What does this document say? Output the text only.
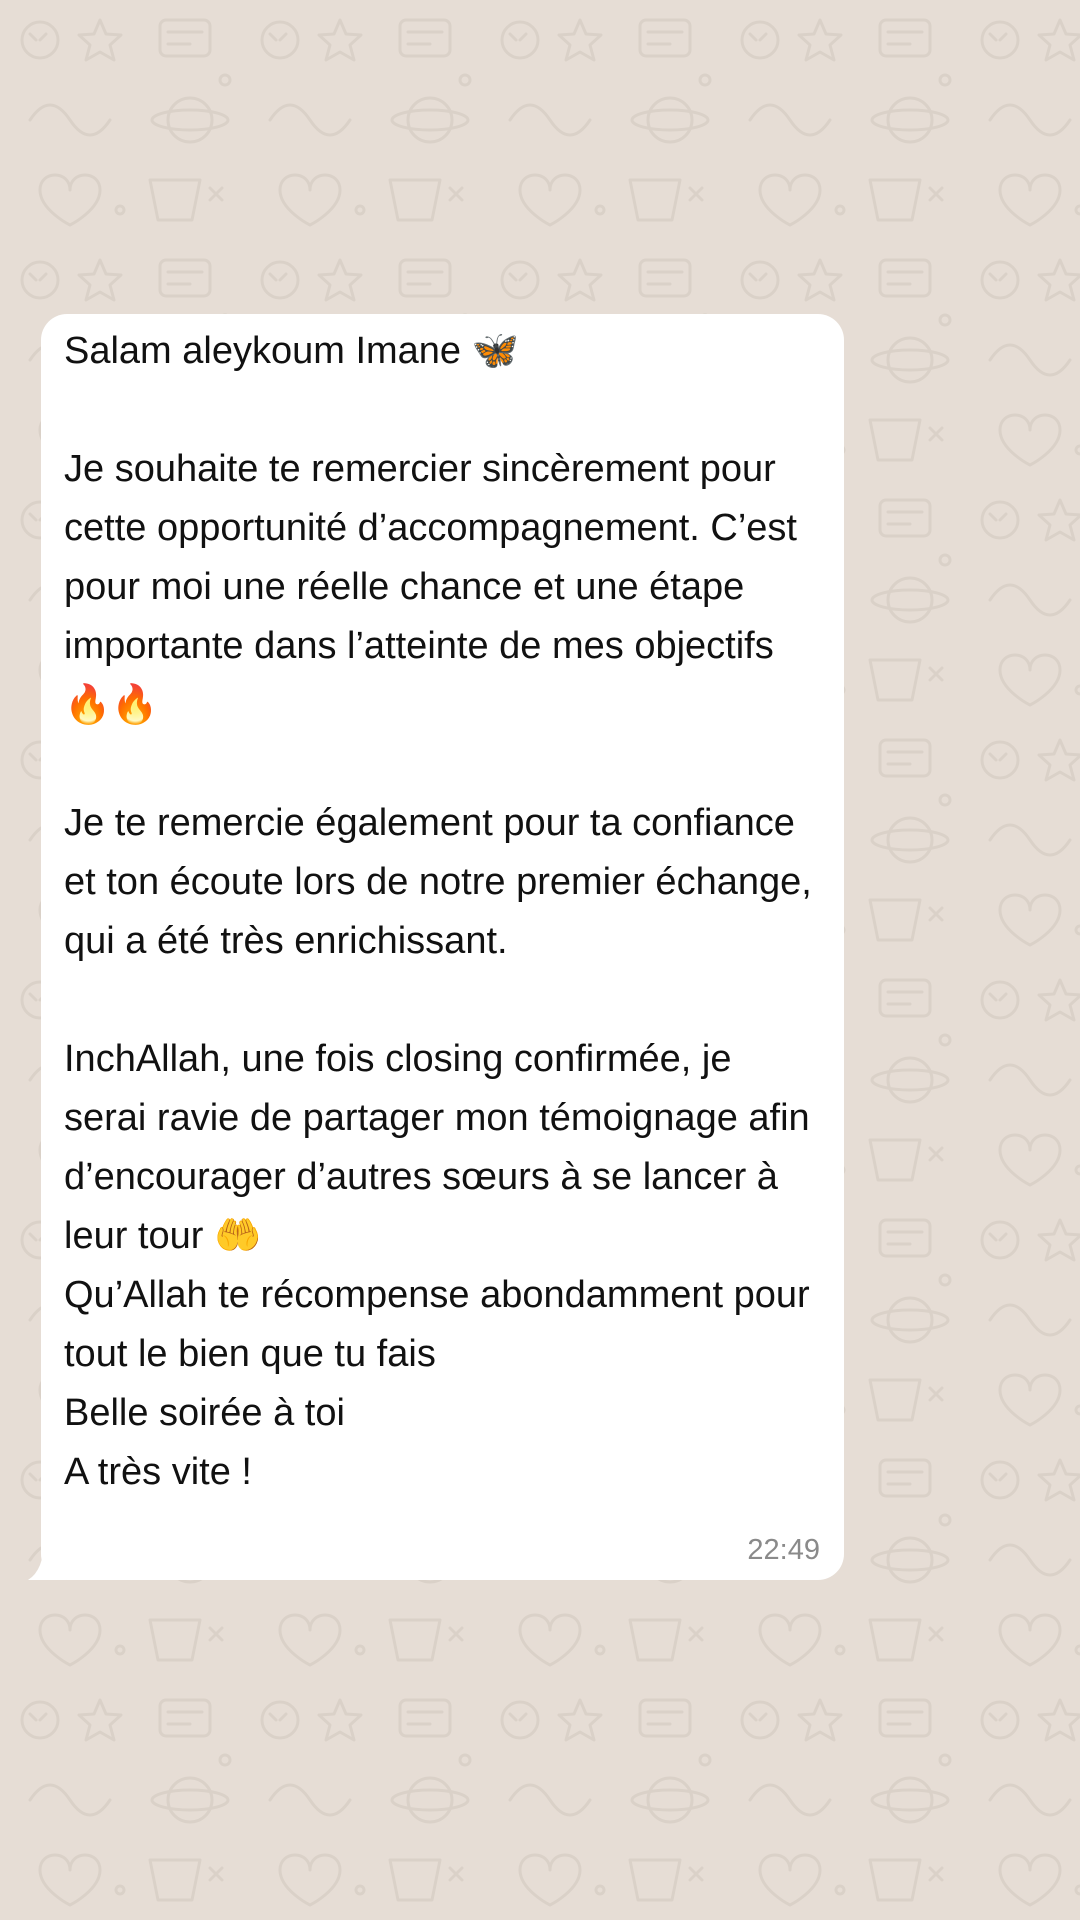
Salam aleykoum Imane 🦋

Je souhaite te remercier sincèrement pour cette opportunité d’accompagnement. C’est pour moi une réelle chance et une étape importante dans l’atteinte de mes objectifs 🔥🔥

Je te remercie également pour ta confiance et ton écoute lors de notre premier échange, qui a été très enrichissant.

InchAllah, une fois closing confirmée, je serai ravie de partager mon témoignage afin d’encourager d’autres sœurs à se lancer à leur tour 🤲
Qu’Allah te récompense abondamment pour tout le bien que tu fais
Belle soirée à toi
A très vite !

22:49
